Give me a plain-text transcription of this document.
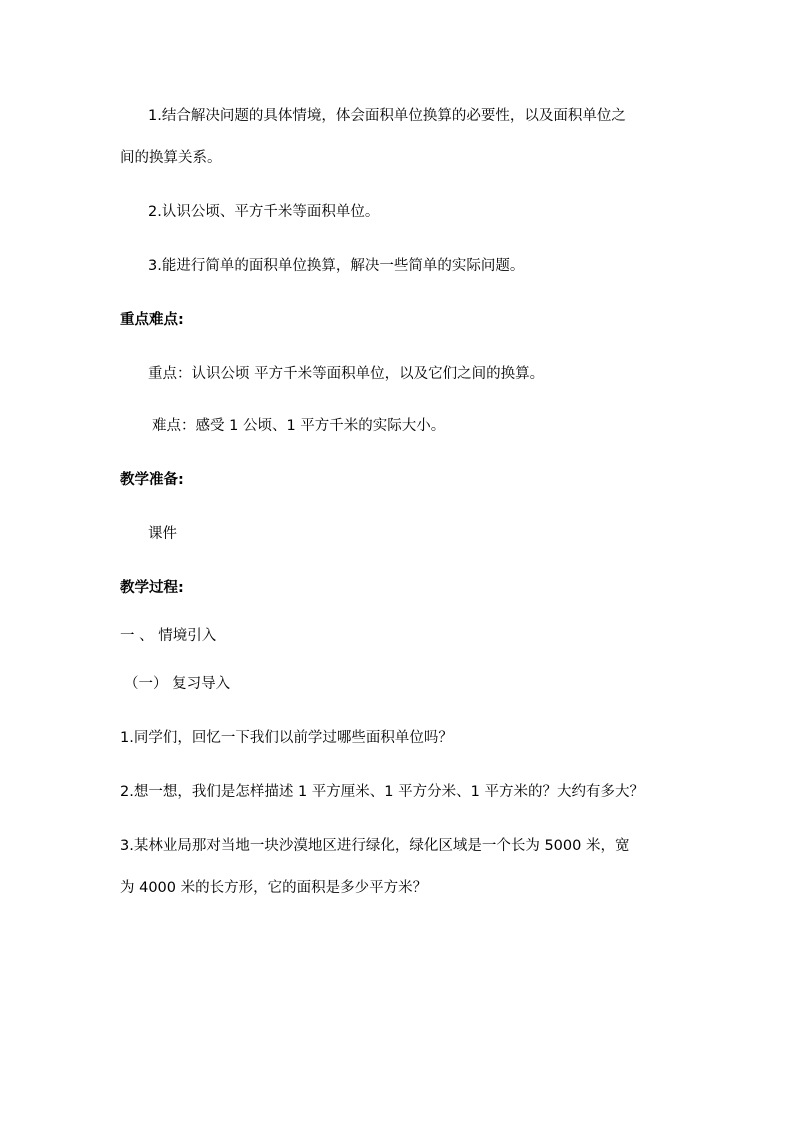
1.结合解决问题的具体情境，体会面积单位换算的必要性，以及面积单位之
间的换算关系。
2.认识公顷、平方千米等面积单位。
3.能进行简单的面积单位换算，解决一些简单的实际问题。
重点难点:
重点：认识公顷 平方千米等面积单位，以及它们之间的换算。
难点：感受 1 公顷、1 平方千米的实际大小。
教学准备:
课件
教学过程:
一 、 情境引入
（一） 复习导入
1.同学们，回忆一下我们以前学过哪些面积单位吗？
2.想一想，我们是怎样描述 1 平方厘米、1 平方分米、1 平方米的？大约有多大？
3.某林业局那对当地一块沙漠地区进行绿化，绿化区域是一个长为 5000 米，宽
为 4000 米的长方形，它的面积是多少平方米？
